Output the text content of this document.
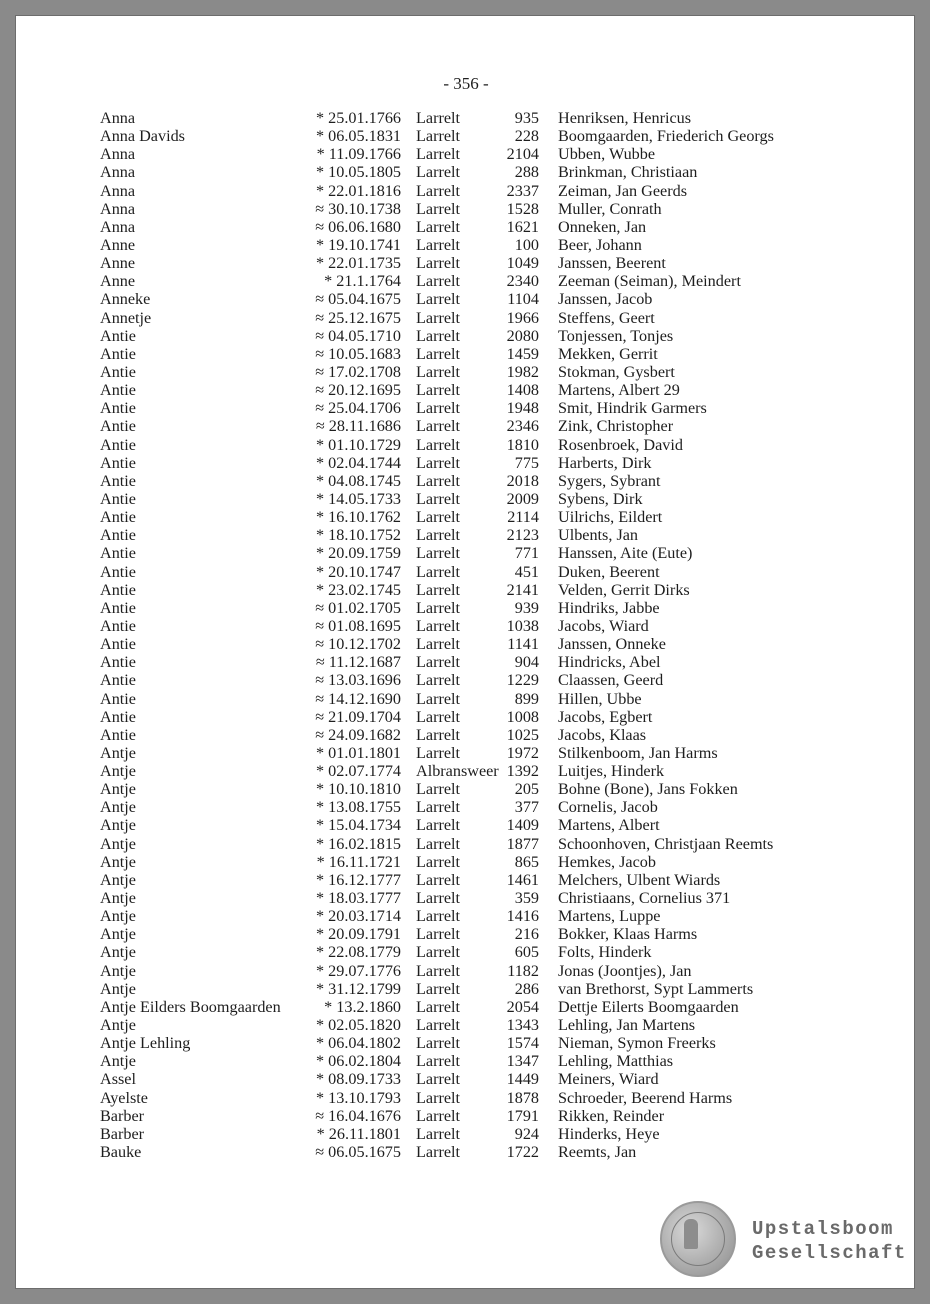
- 356 -
Anna	* 25.01.1766 Larrelt	935 Henriksen, Henricus
Anna Davids	* 06.05.1831 Larrelt	228 Boomgaarden, Friederich Georgs
Anna	* 11.09.1766 Larrelt	2104 Ubben, Wubbe
Anna	* 10.05.1805 Larrelt	288 Brinkman, Christiaan
Anna	* 22.01.1816 Larrelt	2337 Zeiman, Jan Geerds
Anna	≈ 30.10.1738 Larrelt	1528 Muller, Conrath
Anna	≈ 06.06.1680 Larrelt	1621 Onneken, Jan
Anne	* 19.10.1741 Larrelt	100 Beer, Johann
Anne	* 22.01.1735 Larrelt	1049 Janssen, Beerent
Anne	* 21.1.1764 Larrelt	2340 Zeeman (Seiman), Meindert
Anneke	≈ 05.04.1675 Larrelt	1104 Janssen, Jacob
Annetje	≈ 25.12.1675 Larrelt	1966 Steffens, Geert
Antie	≈ 04.05.1710 Larrelt	2080 Tonjessen, Tonjes
Antie	≈ 10.05.1683 Larrelt	1459 Mekken, Gerrit
Antie	≈ 17.02.1708 Larrelt	1982 Stokman, Gysbert
Antie	≈ 20.12.1695 Larrelt	1408 Martens, Albert 29
Antie	≈ 25.04.1706 Larrelt	1948 Smit, Hindrik Garmers
Antie	≈ 28.11.1686 Larrelt	2346 Zink, Christopher
Antie	* 01.10.1729 Larrelt	1810 Rosenbroek, David
Antie	* 02.04.1744 Larrelt	775 Harberts, Dirk
Antie	* 04.08.1745 Larrelt	2018 Sygers, Sybrant
Antie	* 14.05.1733 Larrelt	2009 Sybens, Dirk
Antie	* 16.10.1762 Larrelt	2114 Uilrichs, Eildert
Antie	* 18.10.1752 Larrelt	2123 Ulbents, Jan
Antie	* 20.09.1759 Larrelt	771 Hanssen, Aite (Eute)
Antie	* 20.10.1747 Larrelt	451 Duken, Beerent
Antie	* 23.02.1745 Larrelt	2141 Velden, Gerrit Dirks
Antie	≈ 01.02.1705 Larrelt	939 Hindriks, Jabbe
Antie	≈ 01.08.1695 Larrelt	1038 Jacobs, Wiard
Antie	≈ 10.12.1702 Larrelt	1141 Janssen, Onneke
Antie	≈ 11.12.1687 Larrelt	904 Hindricks, Abel
Antie	≈ 13.03.1696 Larrelt	1229 Claassen, Geerd
Antie	≈ 14.12.1690 Larrelt	899 Hillen, Ubbe
Antie	≈ 21.09.1704 Larrelt	1008 Jacobs, Egbert
Antie	≈ 24.09.1682 Larrelt	1025 Jacobs, Klaas
Antje	* 01.01.1801 Larrelt	1972 Stilkenboom, Jan Harms
Antje	* 02.07.1774 Albransweer 1392 Luitjes, Hinderk
Antje	* 10.10.1810 Larrelt	205 Bohne (Bone), Jans Fokken
Antje	* 13.08.1755 Larrelt	377 Cornelis, Jacob
Antje	* 15.04.1734 Larrelt	1409 Martens, Albert
Antje	* 16.02.1815 Larrelt	1877 Schoonhoven, Christjaan Reemts
Antje	* 16.11.1721 Larrelt	865 Hemkes, Jacob
Antje	* 16.12.1777 Larrelt	1461 Melchers, Ulbent Wiards
Antje	* 18.03.1777 Larrelt	359 Christiaans, Cornelius 371
Antje	* 20.03.1714 Larrelt	1416 Martens, Luppe
Antje	* 20.09.1791 Larrelt	216 Bokker, Klaas Harms
Antje	* 22.08.1779 Larrelt	605 Folts, Hinderk
Antje	* 29.07.1776 Larrelt	1182 Jonas (Joontjes), Jan
Antje	* 31.12.1799 Larrelt	286 van Brethorst, Sypt Lammerts
Antje Eilders Boomgaarden	* 13.2.1860 Larrelt	2054 Dettje Eilerts Boomgaarden
Antje	* 02.05.1820 Larrelt	1343 Lehling, Jan Martens
Antje Lehling	* 06.04.1802 Larrelt	1574 Nieman, Symon Freerks
Antje	* 06.02.1804 Larrelt	1347 Lehling, Matthias
Assel	* 08.09.1733 Larrelt	1449 Meiners, Wiard
Ayelste	* 13.10.1793 Larrelt	1878 Schroeder, Beerend Harms
Barber	≈ 16.04.1676 Larrelt	1791 Rikken, Reinder
Barber	* 26.11.1801 Larrelt	924 Hinderks, Heye
Bauke	≈ 06.05.1675 Larrelt	1722 Reemts, Jan
Upstalsboom
Gesellschaft
